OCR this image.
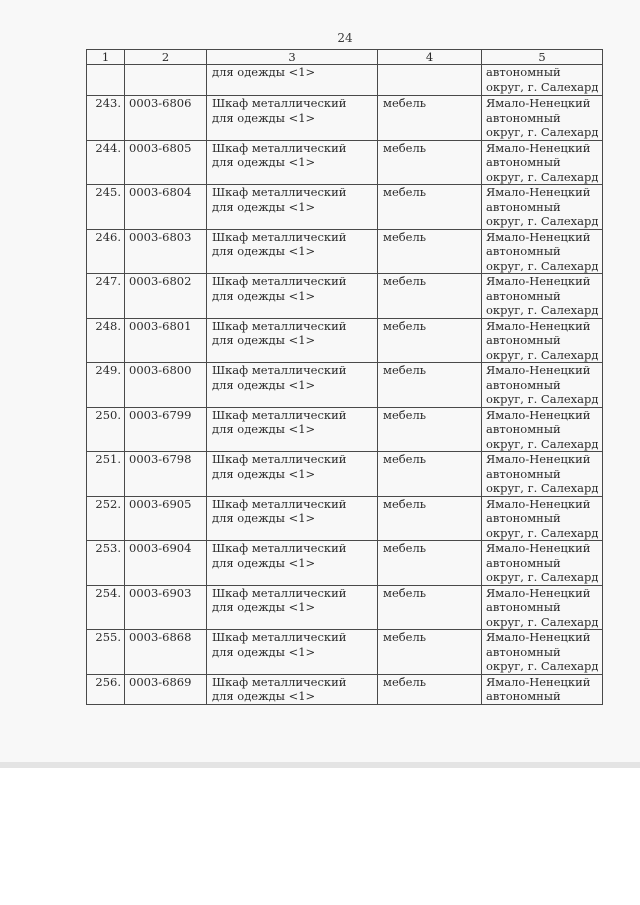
24
1	2	3	4	5

		для одежды <1>		автономный
округ, г. Салехард

243.	0003-6806	Шкаф металлический
для одежды <1>	мебель	Ямало-Ненецкий
автономный
округ, г. Салехард

244.	0003-6805	Шкаф металлический
для одежды <1>	мебель	Ямало-Ненецкий
автономный
округ, г. Салехард

245.	0003-6804	Шкаф металлический
для одежды <1>	мебель	Ямало-Ненецкий
автономный
округ, г. Салехард

246.	0003-6803	Шкаф металлический
для одежды <1>	мебель	Ямало-Ненецкий
автономный
округ, г. Салехард

247.	0003-6802	Шкаф металлический
для одежды <1>	мебель	Ямало-Ненецкий
автономный
округ, г. Салехард

248.	0003-6801	Шкаф металлический
для одежды <1>	мебель	Ямало-Ненецкий
автономный
округ, г. Салехард

249.	0003-6800	Шкаф металлический
для одежды <1>	мебель	Ямало-Ненецкий
автономный
округ, г. Салехард

250.	0003-6799	Шкаф металлический
для одежды <1>	мебель	Ямало-Ненецкий
автономный
округ, г. Салехард

251.	0003-6798	Шкаф металлический
для одежды <1>	мебель	Ямало-Ненецкий
автономный
округ, г. Салехард

252.	0003-6905	Шкаф металлический
для одежды <1>	мебель	Ямало-Ненецкий
автономный
округ, г. Салехард

253.	0003-6904	Шкаф металлический
для одежды <1>	мебель	Ямало-Ненецкий
автономный
округ, г. Салехард

254.	0003-6903	Шкаф металлический
для одежды <1>	мебель	Ямало-Ненецкий
автономный
округ, г. Салехард

255.	0003-6868	Шкаф металлический
для одежды <1>	мебель	Ямало-Ненецкий
автономный
округ, г. Салехард

256.	0003-6869	Шкаф металлический
для одежды <1>	мебель	Ямало-Ненецкий
автономный
